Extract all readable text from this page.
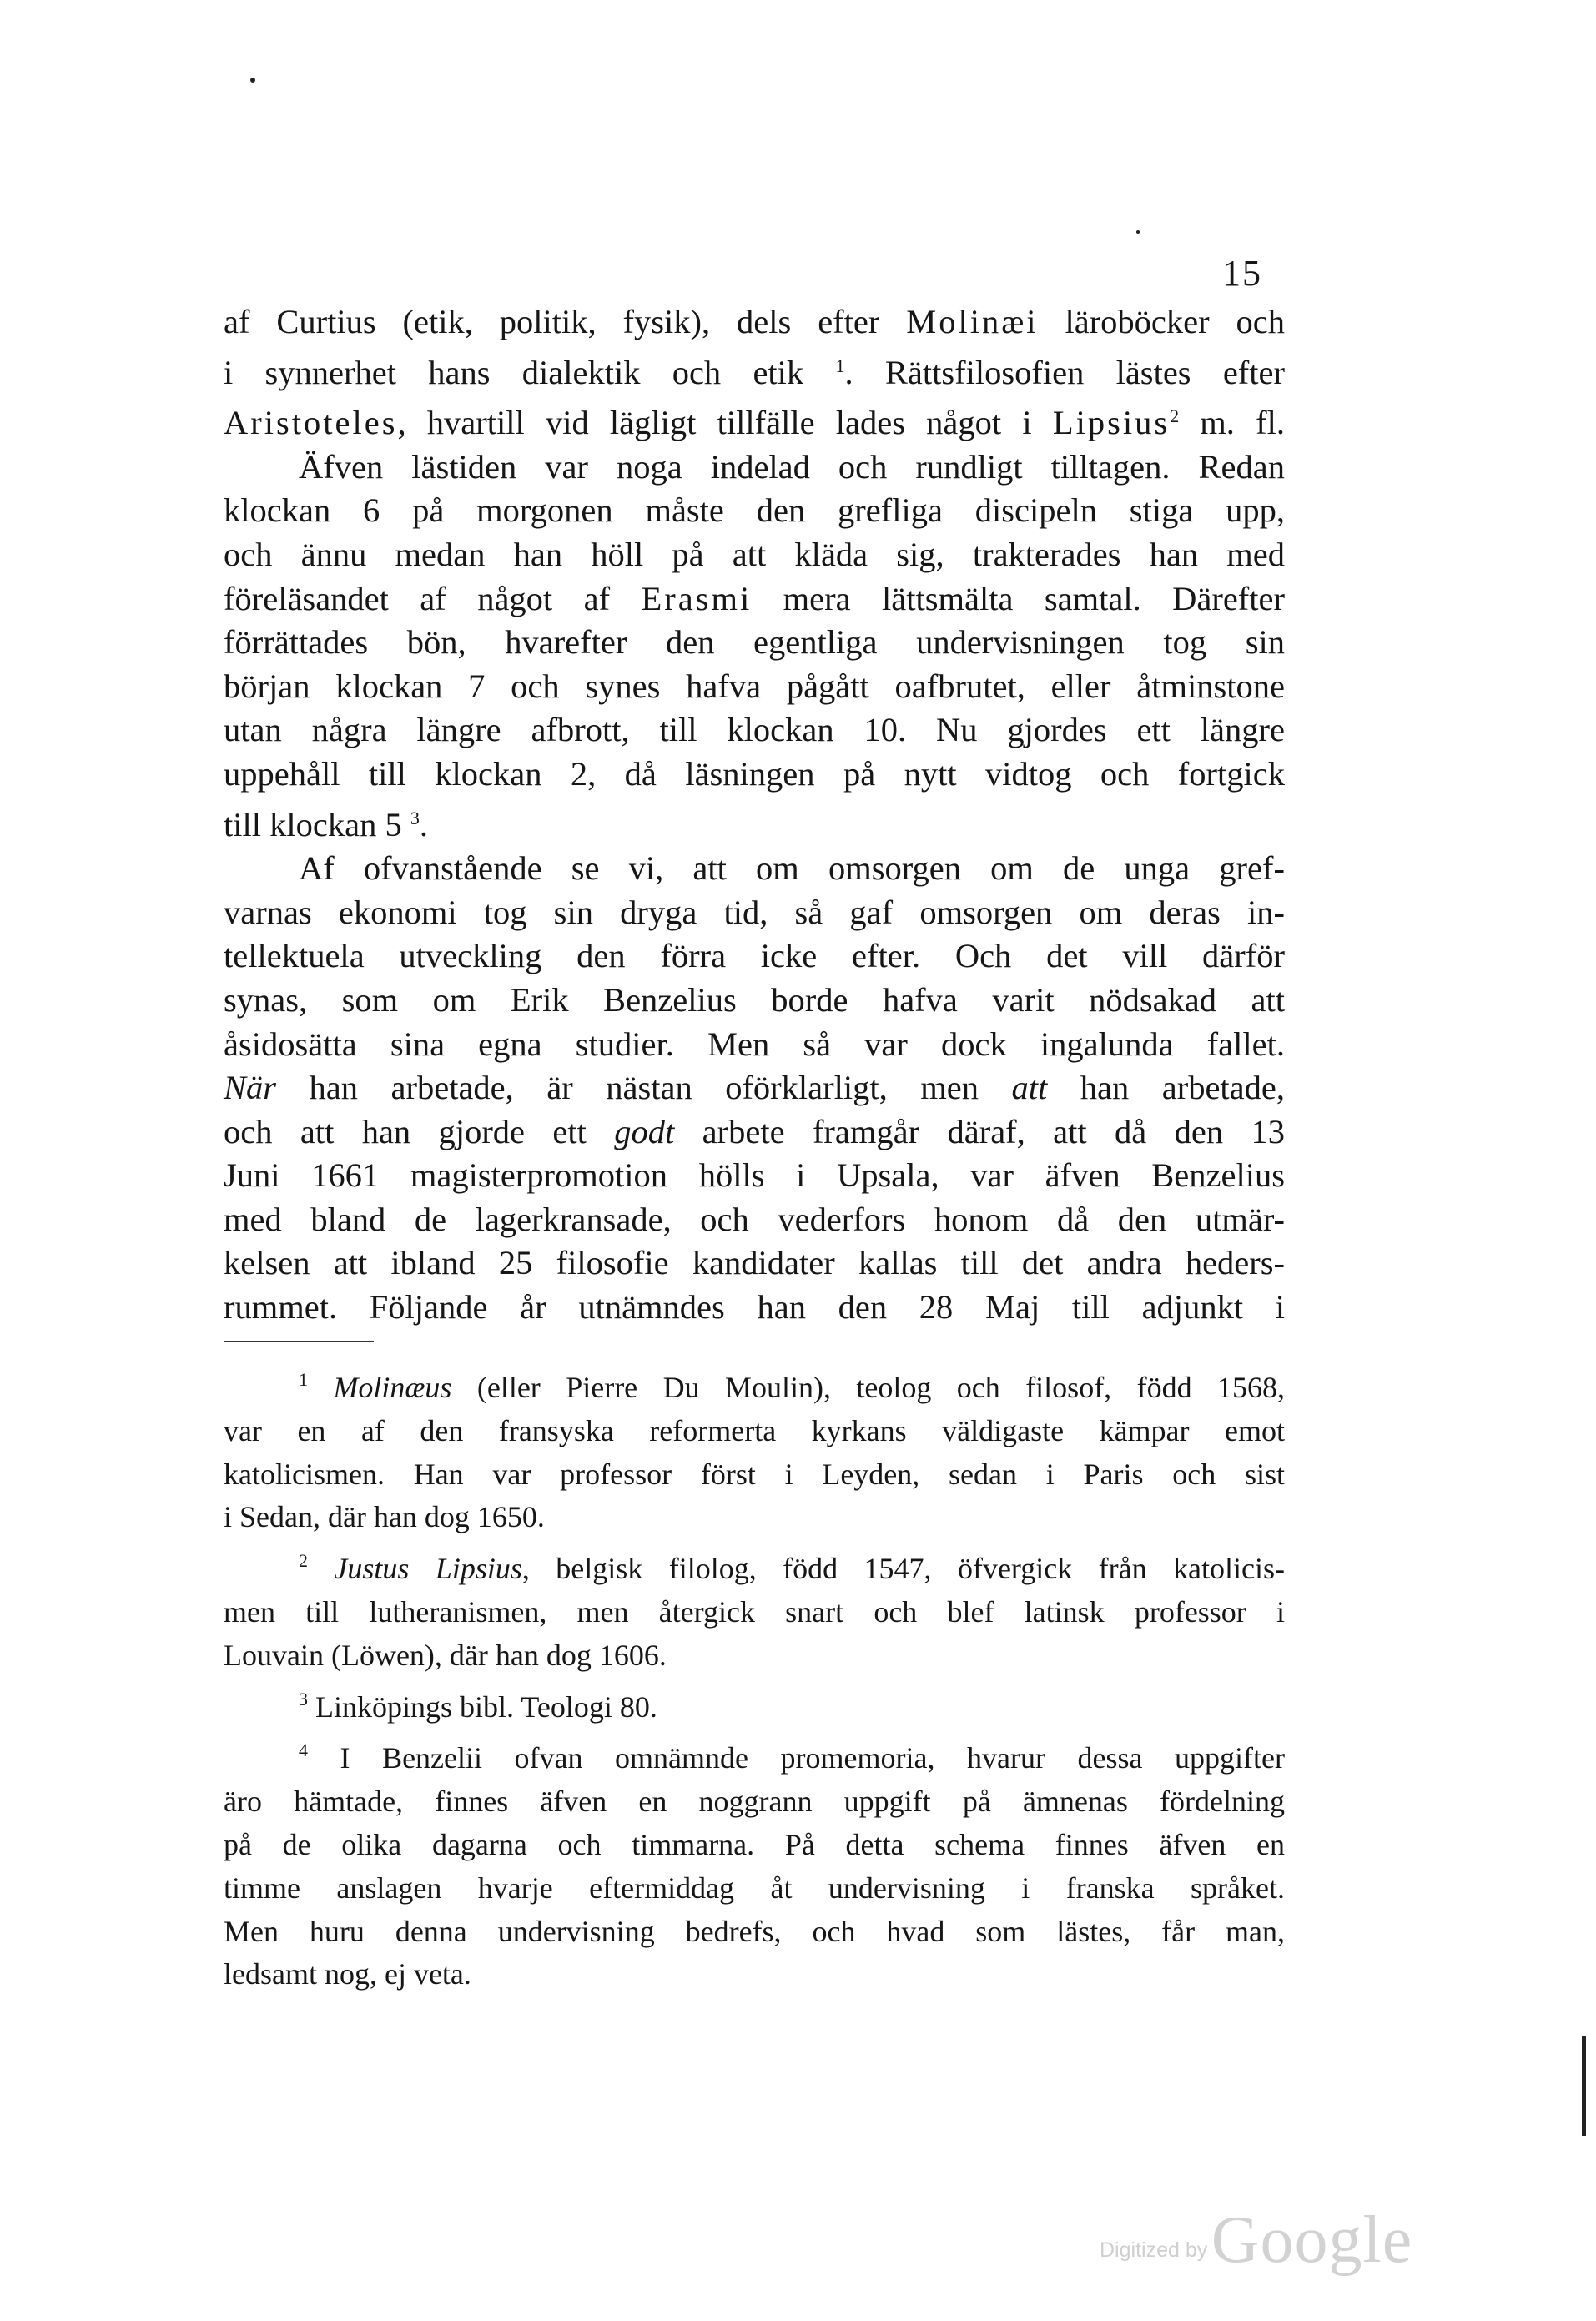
15
af Curtius (etik, politik, fysik), dels efter Molinæi läroböcker och
i synnerhet hans dialektik och etik $^1$. Rättsfilosofien lästes efter
Aristoteles, hvartill vid lägligt tillfälle lades något i Lipsius$^2$ m. fl.
Äfven lästiden var noga indelad och rundligt tilltagen. Redan
klockan 6 på morgonen måste den grefliga discipeln stiga upp,
och ännu medan han höll på att kläda sig, trakterades han med
föreläsandet af något af Erasmi mera lättsmälta samtal. Därefter
förrättades bön, hvarefter den egentliga undervisningen tog sin
början klockan 7 och synes hafva pågått oafbrutet, eller åtminstone
utan några längre afbrott, till klockan 10. Nu gjordes ett längre
uppehåll till klockan 2, då läsningen på nytt vidtog och fortgick
till klockan 5 $^3$.
Af ofvanstående se vi, att om omsorgen om de unga gref-
varnas ekonomi tog sin dryga tid, så gaf omsorgen om deras in-
tellektuela utveckling den förra icke efter. Och det vill därför
synas, som om Erik Benzelius borde hafva varit nödsakad att
åsidosätta sina egna studier. Men så var dock ingalunda fallet.
När han arbetade, är nästan oförklarligt, men att han arbetade,
och att han gjorde ett godt arbete framgår däraf, att då den 13
Juni 1661 magisterpromotion hölls i Upsala, var äfven Benzelius
med bland de lagerkransade, och vederfors honom då den utmär-
kelsen att ibland 25 filosofie kandidater kallas till det andra heders-
rummet. Följande år utnämndes han den 28 Maj till adjunkt i
$^1$ Molinæus (eller Pierre Du Moulin), teolog och filosof, född 1568,
var en af den fransyska reformerta kyrkans väldigaste kämpar emot
katolicismen. Han var professor först i Leyden, sedan i Paris och sist
i Sedan, där han dog 1650.
$^2$ Justus Lipsius, belgisk filolog, född 1547, öfvergick från katolicis-
men till lutheranismen, men återgick snart och blef latinsk professor i
Louvain (Löwen), där han dog 1606.
$^3$ Linköpings bibl. Teologi 80.
$^4$ I Benzelii ofvan omnämnde promemoria, hvarur dessa uppgifter
äro hämtade, finnes äfven en noggrann uppgift på ämnenas fördelning
på de olika dagarna och timmarna. På detta schema finnes äfven en
timme anslagen hvarje eftermiddag åt undervisning i franska språket.
Men huru denna undervisning bedrefs, och hvad som lästes, får man,
ledsamt nog, ej veta.
Digitized by Google
